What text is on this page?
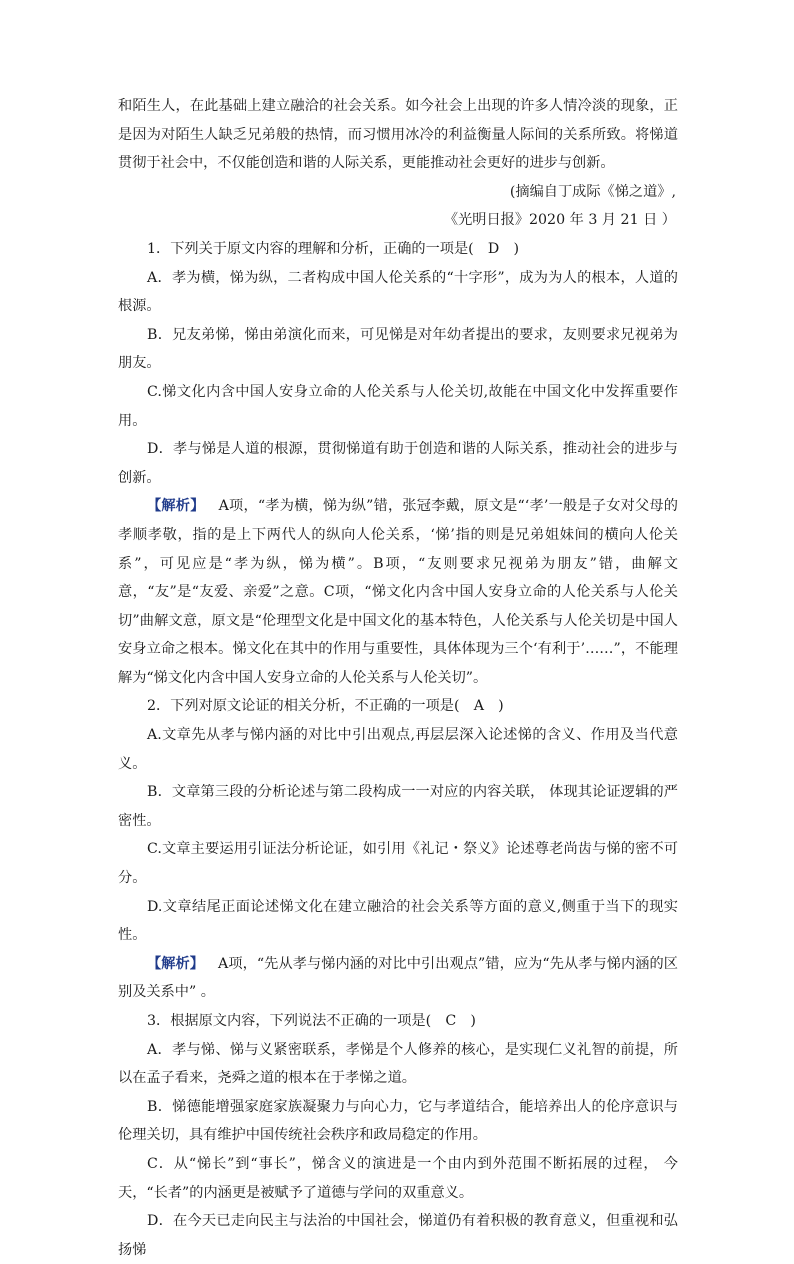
和陌生人，在此基础上建立融洽的社会关系。如今社会上出现的许多人情冷淡的现象，正是因为对陌生人缺乏兄弟般的热情，而习惯用冰冷的利益衡量人际间的关系所致。将悌道贯彻于社会中，不仅能创造和谐的人际关系，更能推动社会更好的进步与创新。

(摘编自丁成际《悌之道》,

《光明日报》2020 年 3 月 21 日 ）

1．下列关于原文内容的理解和分析，正确的一项是(　D　)

A．孝为横，悌为纵，二者构成中国人伦关系的“十字形”，成为为人的根本，人道的根源。

B．兄友弟悌，悌由弟演化而来，可见悌是对年幼者提出的要求，友则要求兄视弟为朋友。

C.悌文化内含中国人安身立命的人伦关系与人伦关切,故能在中国文化中发挥重要作用。

D．孝与悌是人道的根源，贯彻悌道有助于创造和谐的人际关系，推动社会的进步与创新。

【解析】 A项，“孝为横，悌为纵”错，张冠李戴，原文是“‘孝’一般是子女对父母的孝顺孝敬，指的是上下两代人的纵向人伦关系，‘悌’指的则是兄弟姐妹间的横向人伦关系”，可见应是“孝为纵，悌为横”。B项，“友则要求兄视弟为朋友”错，曲解文意，“友”是“友爱、亲爱”之意。C项，“悌文化内含中国人安身立命的人伦关系与人伦关切”曲解文意，原文是“伦理型文化是中国文化的基本特色，人伦关系与人伦关切是中国人安身立命之根本。悌文化在其中的作用与重要性，具体体现为三个‘有利于’……”，不能理解为“悌文化内含中国人安身立命的人伦关系与人伦关切”。

2．下列对原文论证的相关分析，不正确的一项是(　A　)

A.文章先从孝与悌内涵的对比中引出观点,再层层深入论述悌的含义、作用及当代意义。

B．文章第三段的分析论述与第二段构成一一对应的内容关联， 体现其论证逻辑的严密性。

C.文章主要运用引证法分析论证，如引用《礼记・祭义》论述尊老尚齿与悌的密不可分。

D.文章结尾正面论述悌文化在建立融洽的社会关系等方面的意义,侧重于当下的现实性。

【解析】 A项，“先从孝与悌内涵的对比中引出观点”错，应为“先从孝与悌内涵的区别及关系中” 。

3．根据原文内容，下列说法不正确的一项是(　C　)

A．孝与悌、悌与义紧密联系，孝悌是个人修养的核心，是实现仁义礼智的前提，所以在孟子看来，尧舜之道的根本在于孝悌之道。

B．悌德能增强家庭家族凝聚力与向心力，它与孝道结合，能培养出人的伦序意识与伦理关切，具有维护中国传统社会秩序和政局稳定的作用。

C．从“悌长”到“事长”，悌含义的演进是一个由内到外范围不断拓展的过程， 今天，“长者”的内涵更是被赋予了道德与学问的双重意义。

D．在今天已走向民主与法治的中国社会，悌道仍有着积极的教育意义，但重视和弘扬悌
